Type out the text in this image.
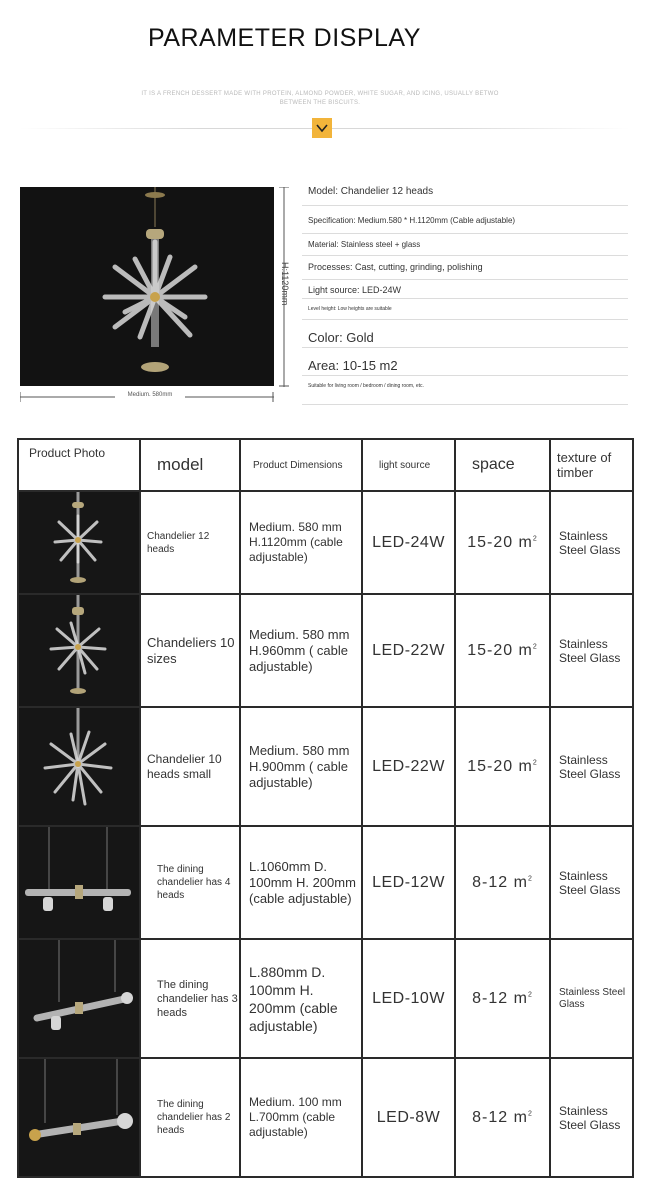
PARAMETER DISPLAY
IT IS A FRENCH DESSERT MADE WITH PROTEIN, ALMOND POWDER, WHITE SUGAR, AND ICING, USUALLY BETWO BETWEEN THE BISCUITS.
H:1120mm
Medium. 580mm
Model: Chandelier 12 heads
Specification: Medium.580 * H.1120mm (Cable adjustable)
Material: Stainless steel + glass
Processes: Cast, cutting, grinding, polishing
Light source: LED-24W
Level height: Low heights are suitable
Color: Gold
Area: 10-15 m2
Suitable for living room / bedroom / dining room, etc.
Product Photo	model	Product Dimensions	light source	space	texture of timber
	Chandelier 12 heads	Medium. 580 mm H.1120mm (cable adjustable)	LED-24W	15-20 $m^2$	Stainless Steel Glass
	Chandeliers 10 sizes	Medium. 580 mm H.960mm ( cable adjustable)	LED-22W	15-20 $m^2$	Stainless Steel Glass
	Chandelier 10 heads small	Medium. 580 mm H.900mm ( cable adjustable)	LED-22W	15-20 $m^2$	Stainless Steel Glass
	The dining chandelier has 4 heads	L.1060mm D. 100mm H. 200mm (cable adjustable)	LED-12W	8-12 $m^2$	Stainless Steel Glass
	The dining chandelier has 3 heads	L.880mm D. 100mm H. 200mm (cable adjustable)	LED-10W	8-12 $m^2$	Stainless Steel Glass
	The dining chandelier has 2 heads	Medium. 100 mm L.700mm (cable adjustable)	LED-8W	8-12 $m^2$	Stainless Steel Glass
